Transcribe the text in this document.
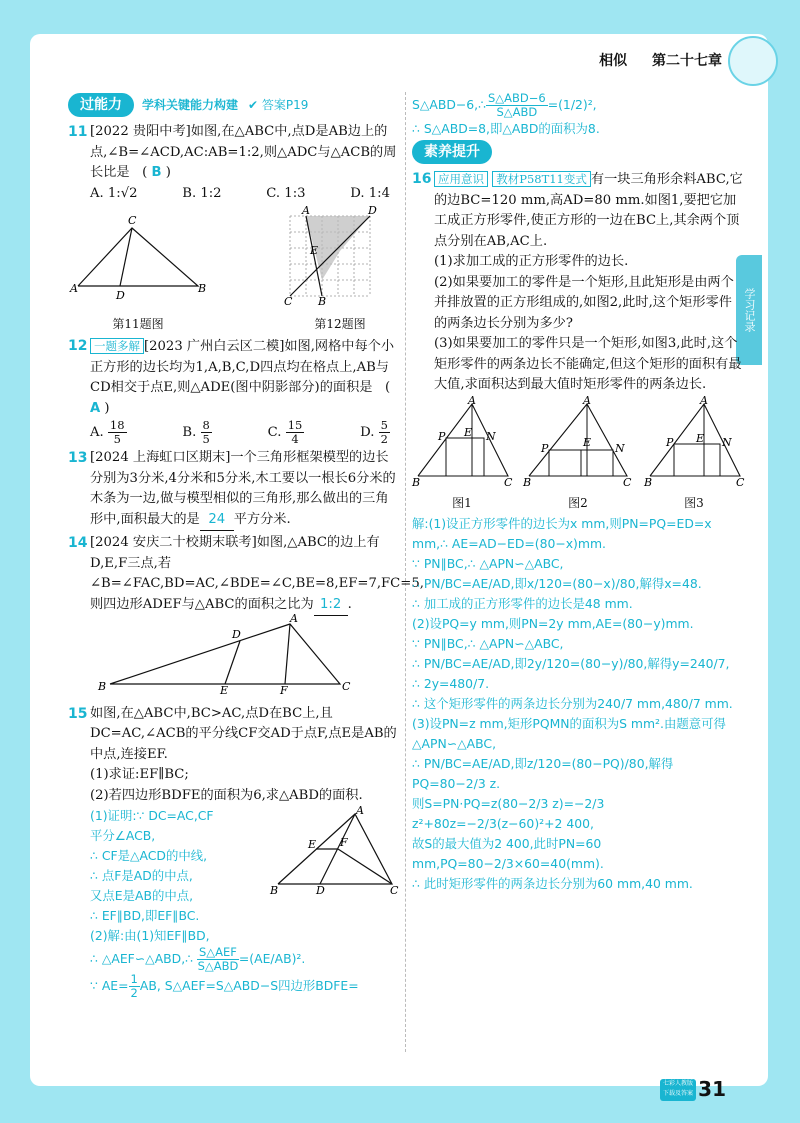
相似 第二十七章
学习记录
过能力	学科关键能力构建 ✔ 答案P19
11 [2022 贵阳中考]如图,在△ABC中,点D是AB边上的点,∠B=∠ACD,AC:AB=1:2,则△ADC与△ACB的周长比是   ( B )

A. 1:√2	B. 1:2	C. 1:3	D. 1:4
C
A	B
D
第11题图
A	D
C B
E
第12题图
12 一题多解 [2023 广州白云区二模]如图,网格中每个小正方形的边长均为1,A,B,C,D四点均在格点上,AB与CD相交于点E,则△ADE(图中阴影部分)的面积是   ( A )

A. $\frac{18}{5}$	B. $\frac{8}{5}$	C. $\frac{15}{4}$	D. $\frac{5}{2}$
13 [2024 上海虹口区期末]一个三角形框架模型的边长分别为3分米,4分米和5分米,木工要以一根长6分米的木条为一边,做与模型相似的三角形,那么做出的三角形中,面积最大的是 24 平方分米.

14 [2024 安庆二十校期末联考]如图,△ABC的边上有D,E,F三点,若∠B=∠FAC,BD=AC,∠BDE=∠C,BE=8,EF=7,FC=5,则四边形ADEF与△ABC的面积之比为 1:2 .

A
B	C
D
E	F
15 如图,在△ABC中,BC>AC,点D在BC上,且DC=AC,∠ACB的平分线CF交AD于点F,点E是AB的中点,连接EF.

(1)求证:EF∥BC;

(2)若四边形BDFE的面积为6,求△ABD的面积.

(1)证明:∵ DC=AC,CF

平分∠ACB,

∴ CF是△ACD的中线,

∴ 点F是AD的中点,

又点E是AB的中点,

∴ EF∥BD,即EF∥BC.

(2)解:由(1)知EF∥BD,

A
B	D	C
E F

∴ △AEF∽△ABD,∴ $\frac{\text{S△AEF}}{\text{S△ABD}} =(AE/AB)^2$.

∵ $AE= \frac{1}{2}$ AB, S△AEF=S△ABD−S四边形BDFE=

S△ABD−6,∴ $\frac{\text{S△ABD−6}}{\text{S△ABD}} =(1/2)^2$,

∴ S△ABD=8,即△ABD的面积为8.

素养提升
16 应用意识 教材P58T11变式 有一块三角形余料ABC,它的边BC=120 mm,高AD=80 mm.如图1,要把它加工成正方形零件,使正方形的一边在BC上,其余两个顶点分别在AB,AC上.

(1)求加工成的正方形零件的边长.

(2)如果要加工的零件是一个矩形,且此矩形是由两个并排放置的正方形组成的,如图2,此时,这个矩形零件的两条边长分别为多少?

(3)如果要加工的零件只是一个矩形,如图3,此时,这个矩形零件的两条边长不能确定,但这个矩形的面积有最大值,求面积达到最大值时矩形零件的两条边长.

A
B	C
P	N
E
图1
A
B	C
P	N
E
图2
A
B	C
P	N
E
图3

解:(1)设正方形零件的边长为x mm,则PN=PQ=ED=x mm,∴ AE=AD−ED=(80−x)mm.

∵ PN∥BC,∴ △APN∽△ABC,

∴ PN/BC=AE/AD,即x/120=(80−x)/80,解得x=48.

∴ 加工成的正方形零件的边长是48 mm.

(2)设PQ=y mm,则PN=2y mm,AE=(80−y)mm.

∵ PN∥BC,∴ △APN∽△ABC,

∴ PN/BC=AE/AD,即2y/120=(80−y)/80,解得y=240/7,

∴ 2y=480/7.

∴ 这个矩形零件的两条边长分别为240/7 mm,480/7 mm.

(3)设PN=z mm,矩形PQMN的面积为S mm².由题意可得△APN∽△ABC,

∴ PN/BC=AE/AD,即z/120=(80−PQ)/80,解得PQ=80−2/3 z.

则S=PN·PQ=z(80−2/3 z)=−2/3 z²+80z=−2/3(z−60)²+2 400,

故S的最大值为2 400,此时PN=60 mm,PQ=80−2/3×60=40(mm).

∴ 此时矩形零件的两条边长分别为60 mm,40 mm.

七彩人教版 下载及答案 31
